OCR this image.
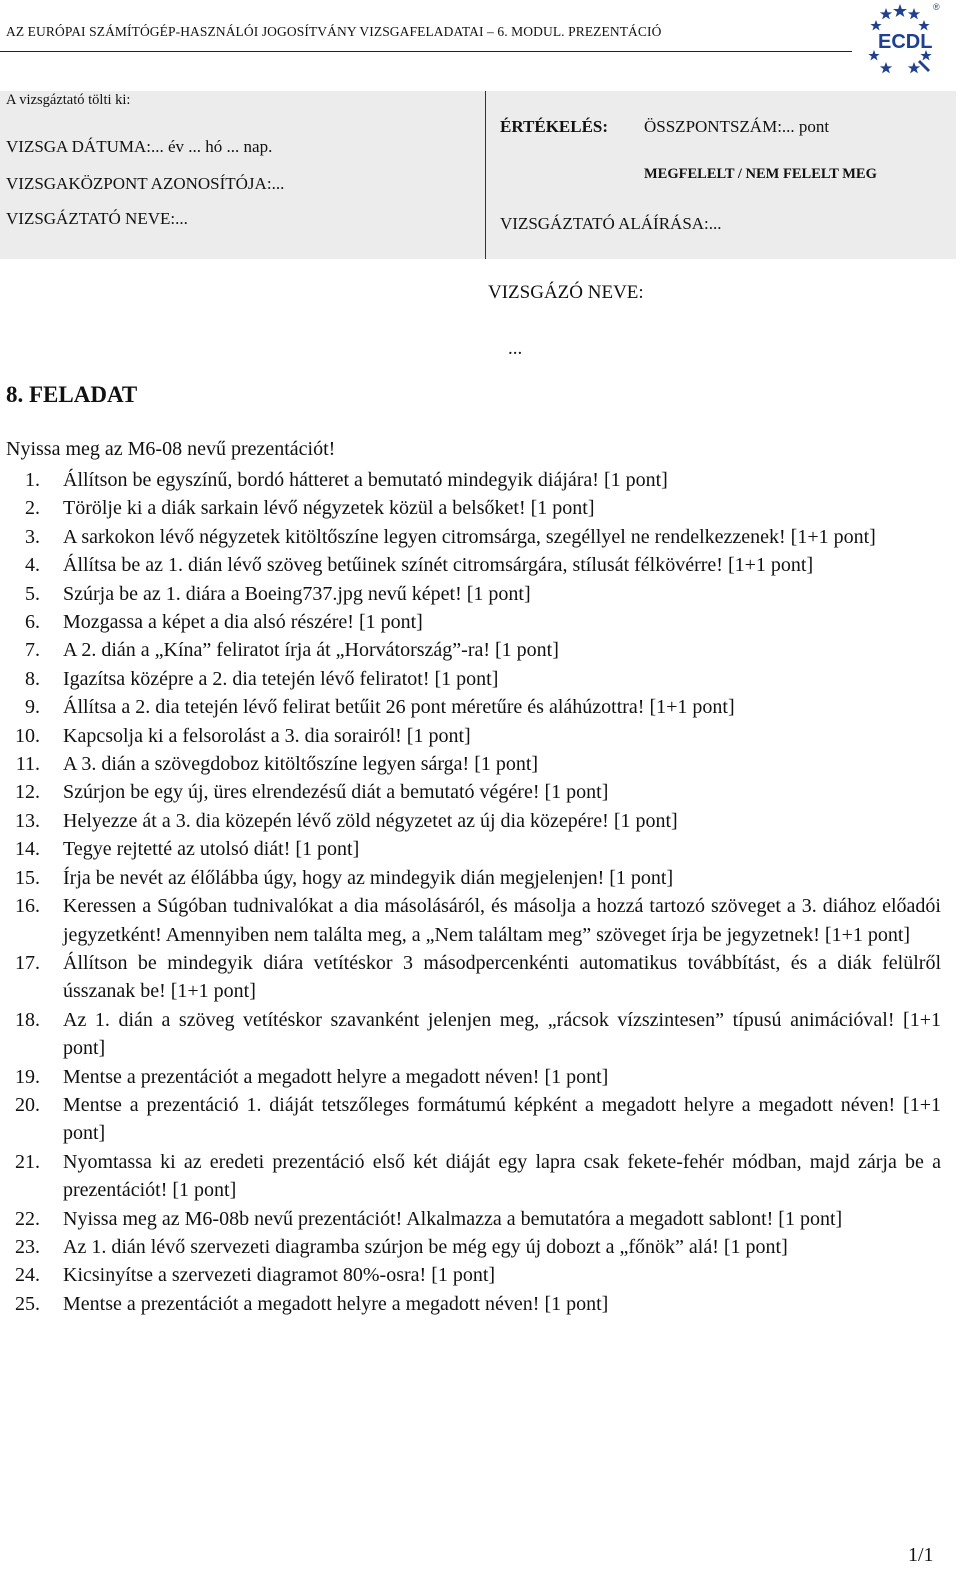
AZ EURÓPAI SZÁMÍTÓGÉP-HASZNÁLÓI JOGOSÍTVÁNY VIZSGAFELADATAI – 6. MODUL. PREZENTÁCIÓ	ECDL
®
A vizsgáztató tölti ki:
VIZSGA DÁTUMA:... év ... hó ... nap.
VIZSGAKÖZPONT AZONOSÍTÓJA:...
VIZSGÁZTATÓ NEVE:...
ÉRTÉKELÉS: ÖSSZPONTSZÁM:... pont
MEGFELELT / NEM FELELT MEG
VIZSGÁZTATÓ ALÁÍRÁSA:...
VIZSGÁZÓ NEVE:
...
8. FELADAT
Nyissa meg az M6-08 nevű prezentációt!
1. Állítson be egyszínű, bordó hátteret a bemutató mindegyik diájára! [1 pont]
2. Törölje ki a diák sarkain lévő négyzetek közül a belsőket! [1 pont]
3. A sarkokon lévő négyzetek kitöltőszíne legyen citromsárga, szegéllyel ne rendelkezzenek! [1+1 pont]
4. Állítsa be az 1. dián lévő szöveg betűinek színét citromsárgára, stílusát félkövérre! [1+1 pont]
5. Szúrja be az 1. diára a Boeing737.jpg nevű képet! [1 pont]
6. Mozgassa a képet a dia alsó részére! [1 pont]
7. A 2. dián a „Kína” feliratot írja át „Horvátország”-ra! [1 pont]
8. Igazítsa középre a 2. dia tetején lévő feliratot! [1 pont]
9. Állítsa a 2. dia tetején lévő felirat betűit 26 pont méretűre és aláhúzottra! [1+1 pont]
10. Kapcsolja ki a felsorolást a 3. dia sorairól! [1 pont]
11. A 3. dián a szövegdoboz kitöltőszíne legyen sárga! [1 pont]
12. Szúrjon be egy új, üres elrendezésű diát a bemutató végére! [1 pont]
13. Helyezze át a 3. dia közepén lévő zöld négyzetet az új dia közepére! [1 pont]
14. Tegye rejtetté az utolsó diát! [1 pont]
15. Írja be nevét az élőlábba úgy, hogy az mindegyik dián megjelenjen! [1 pont]
16. Keressen a Súgóban tudnivalókat a dia másolásáról, és másolja a hozzá tartozó szöveget a 3. diához előadói jegyzetként! Amennyiben nem találta meg, a „Nem találtam meg” szöveget írja be jegyzetnek! [1+1 pont]
17. Állítson be mindegyik diára vetítéskor 3 másodpercenkénti automatikus továbbítást, és a diák felülről ússzanak be! [1+1 pont]
18. Az 1. dián a szöveg vetítéskor szavanként jelenjen meg, „rácsok vízszintesen” típusú animációval! [1+1 pont]
19. Mentse a prezentációt a megadott helyre a megadott néven! [1 pont]
20. Mentse a prezentáció 1. diáját tetszőleges formátumú képként a megadott helyre a megadott néven! [1+1 pont]
21. Nyomtassa ki az eredeti prezentáció első két diáját egy lapra csak fekete-fehér módban, majd zárja be a prezentációt! [1 pont]
22. Nyissa meg az M6-08b nevű prezentációt! Alkalmazza a bemutatóra a megadott sablont! [1 pont]
23. Az 1. dián lévő szervezeti diagramba szúrjon be még egy új dobozt a „főnök” alá! [1 pont]
24. Kicsinyítse a szervezeti diagramot 80%-osra! [1 pont]
25. Mentse a prezentációt a megadott helyre a megadott néven! [1 pont]
1/1
